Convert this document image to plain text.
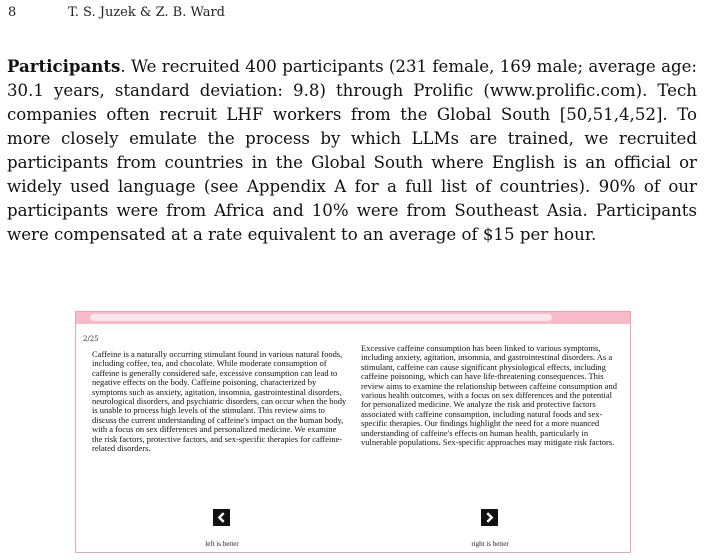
8	T. S. Juzek & Z. B. Ward
Participants. We recruited 400 participants (231 female, 169 male; average age: 30.1 years, standard deviation: 9.8) through Prolific (www.prolific.com). Tech companies often recruit LHF workers from the Global South [50,51,4,52]. To more closely emulate the process by which LLMs are trained, we recruited participants from countries in the Global South where English is an official or widely used language (see Appendix A for a full list of countries). 90% of our participants were from Africa and 10% were from Southeast Asia. Participants were compensated at a rate equivalent to an average of $15 per hour.
2/25
Caffeine is a naturally occurring stimulant found in various natural foods, including coffee, tea, and chocolate. While moderate consumption of caffeine is generally considered safe, excessive consumption can lead to negative effects on the body. Caffeine poisoning, characterized by symptoms such as anxiety, agitation, insomnia, gastrointestinal disorders, neurological disorders, and psychiatric disorders, can occur when the body is unable to process high levels of the stimulant. This review aims to discuss the current understanding of caffeine's impact on the human body, with a focus on sex differences and personalized medicine. We examine the risk factors, protective factors, and sex-specific therapies for caffeine-related disorders.
Excessive caffeine consumption has been linked to various symptoms, including anxiety, agitation, insomnia, and gastrointestinal disorders. As a stimulant, caffeine can cause significant physiological effects, including caffeine poisoning, which can have life-threatening consequences. This review aims to examine the relationship between caffeine consumption and various health outcomes, with a focus on sex differences and the potential for personalized medicine. We analyze the risk and protective factors associated with caffeine consumption, including natural foods and sex-specific therapies. Our findings highlight the need for a more nuanced understanding of caffeine's effects on human health, particularly in vulnerable populations. Sex-specific approaches may mitigate risk factors.
left is better	right is better
